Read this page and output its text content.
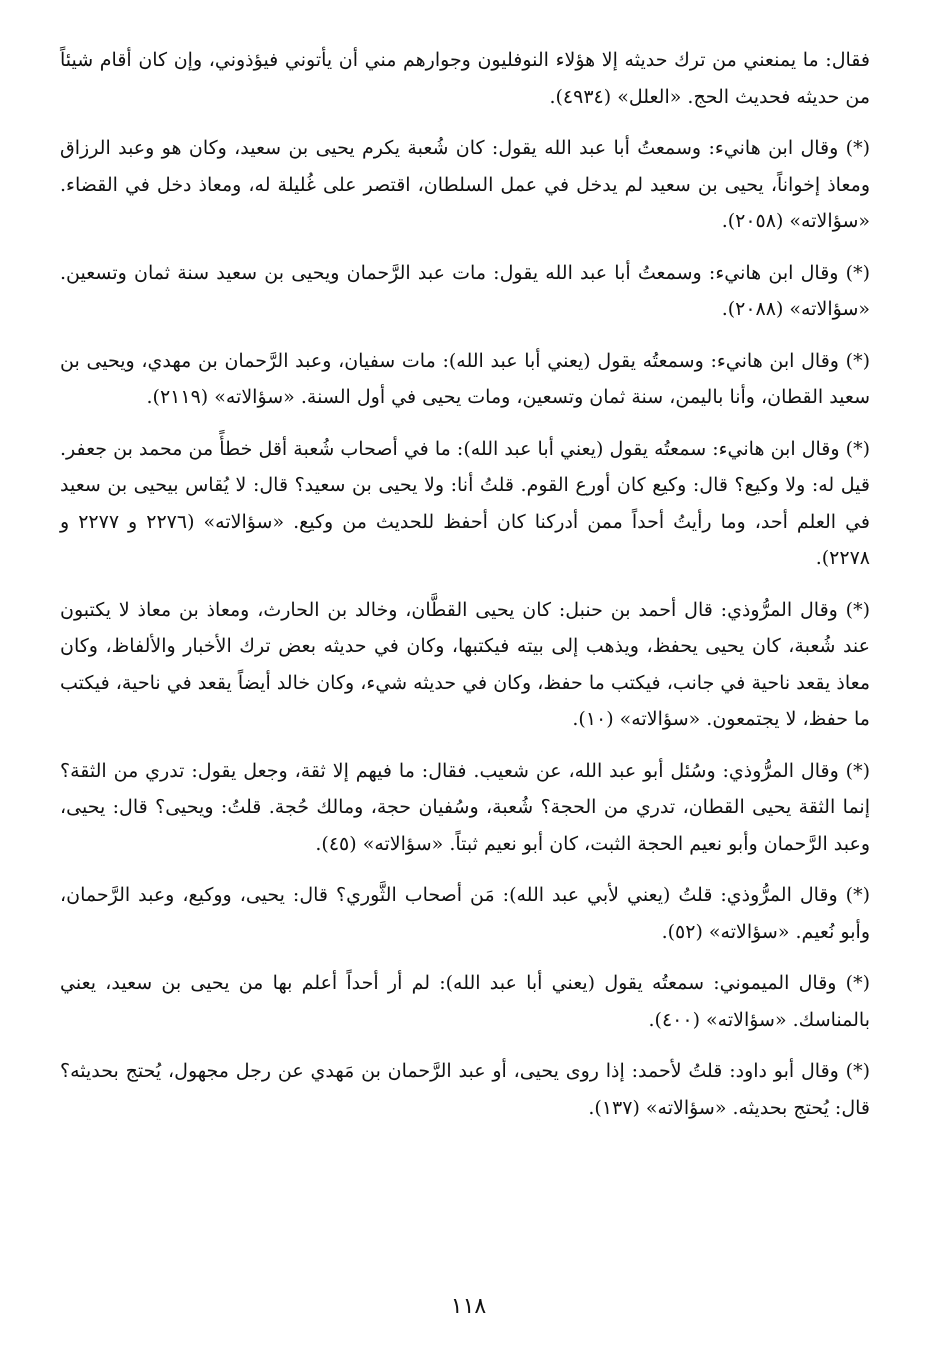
فقال: ما يمنعني من ترك حديثه إلا هؤلاء النوفليون وجوارهم مني أن يأتوني فيؤذوني، وإن كان أقام شيئاً من حديثه فحديث الحج. «العلل» (٤٩٣٤).

(*) وقال ابن هانيء: وسمعتُ أبا عبد الله يقول: كان شُعبة يكرم يحيى بن سعيد، وكان هو وعبد الرزاق ومعاذ إخواناً، يحيى بن سعيد لم يدخل في عمل السلطان، اقتصر على غُليلة له، ومعاذ دخل في القضاء. «سؤالاته» (٢٠٥٨).

(*) وقال ابن هانيء: وسمعتُ أبا عبد الله يقول: مات عبد الرَّحمان ويحيى بن سعيد سنة ثمان وتسعين. «سؤالاته» (٢٠٨٨).

(*) وقال ابن هانيء: وسمعتُه يقول (يعني أبا عبد الله): مات سفيان، وعبد الرَّحمان بن مهدي، ويحيى بن سعيد القطان، وأنا باليمن، سنة ثمان وتسعين، ومات يحيى في أول السنة. «سؤالاته» (٢١١٩).

(*) وقال ابن هانيء: سمعتُه يقول (يعني أبا عبد الله): ما في أصحاب شُعبة أقل خطأً من محمد بن جعفر. قيل له: ولا وكيع؟ قال: وكيع كان أورع القوم. قلتُ أنا: ولا يحيى بن سعيد؟ قال: لا يُقاس بيحيى بن سعيد في العلم أحد، وما رأيتُ أحداً ممن أدركنا كان أحفظ للحديث من وكيع. «سؤالاته» (٢٢٧٦ و ٢٢٧٧ و ٢٢٧٨).

(*) وقال المرُّوذي: قال أحمد بن حنبل: كان يحيى القطَّان، وخالد بن الحارث، ومعاذ بن معاذ لا يكتبون عند شُعبة، كان يحيى يحفظ، ويذهب إلى بيته فيكتبها، وكان في حديثه بعض ترك الأخبار والألفاظ، وكان معاذ يقعد ناحية في جانب، فيكتب ما حفظ، وكان في حديثه شيء، وكان خالد أيضاً يقعد في ناحية، فيكتب ما حفظ، لا يجتمعون. «سؤالاته» (١٠).

(*) وقال المرُّوذي: وسُئل أبو عبد الله، عن شعيب. فقال: ما فيهم إلا ثقة، وجعل يقول: تدري من الثقة؟ إنما الثقة يحيى القطان، تدري من الحجة؟ شُعبة، وسُفيان حجة، ومالك حُجة. قلتُ: ويحيى؟ قال: يحيى، وعبد الرَّحمان وأبو نعيم الحجة الثبت، كان أبو نعيم ثبتاً. «سؤالاته» (٤٥).

(*) وقال المرُّوذي: قلتُ (يعني لأبي عبد الله): مَن أصحاب الثَّوري؟ قال: يحيى، ووكيع، وعبد الرَّحمان، وأبو نُعيم. «سؤالاته» (٥٢).

(*) وقال الميموني: سمعتُه يقول (يعني أبا عبد الله): لم أر أحداً أعلم بها من يحيى بن سعيد، يعني بالمناسك. «سؤالاته» (٤٠٠).

(*) وقال أبو داود: قلتُ لأحمد: إذا روى يحيى، أو عبد الرَّحمان بن مَهدي عن رجل مجهول، يُحتج بحديثه؟ قال: يُحتج بحديثه. «سؤالاته» (١٣٧).

١١٨
